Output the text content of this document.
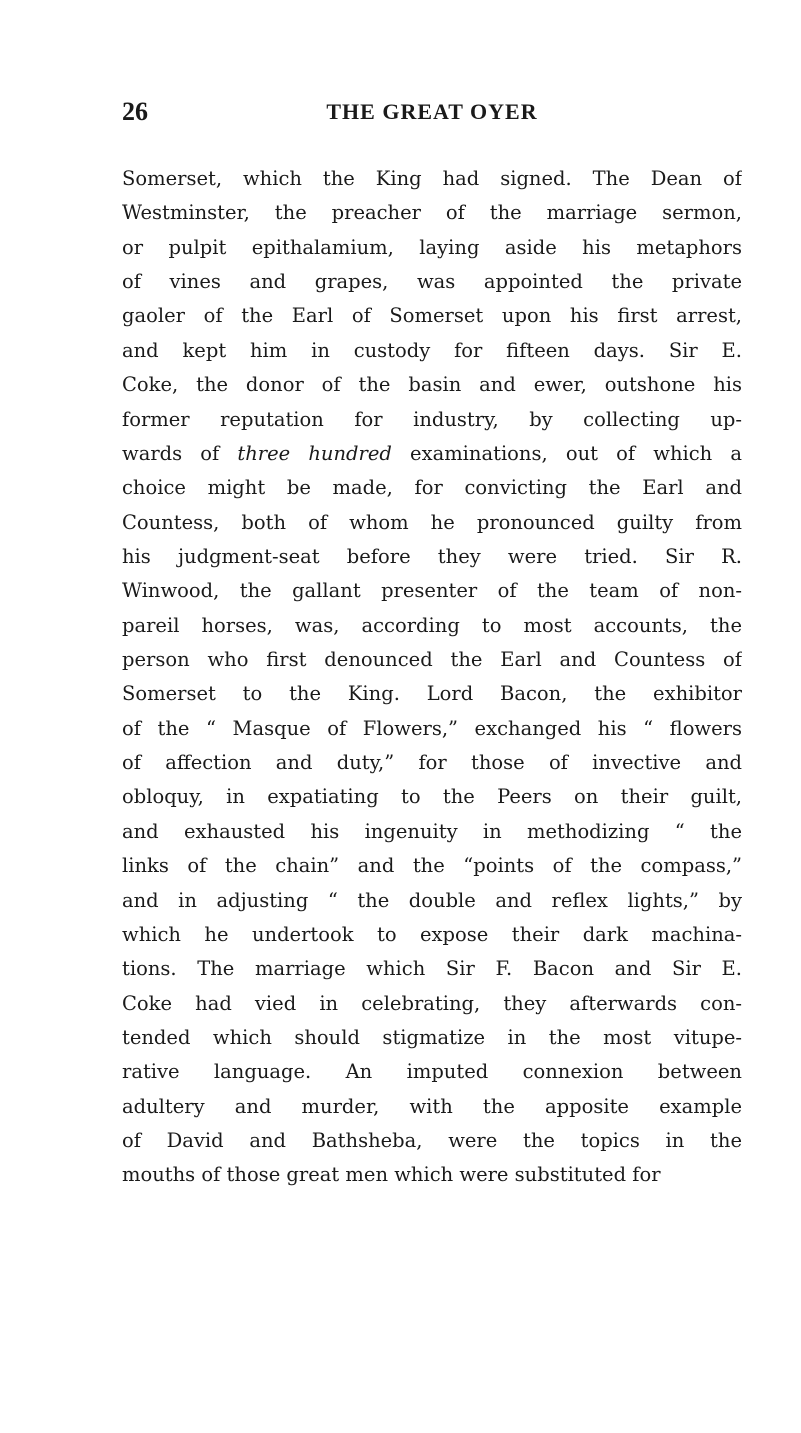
26	THE GREAT OYER
Somerset, which the King had signed. The Dean of
Westminster, the preacher of the marriage sermon,
or pulpit epithalamium, laying aside his metaphors
of vines and grapes, was appointed the private
gaoler of the Earl of Somerset upon his first arrest,
and kept him in custody for fifteen days. Sir E.
Coke, the donor of the basin and ewer, outshone his
former reputation for industry, by collecting up-
wards of three hundred examinations, out of which a
choice might be made, for convicting the Earl and
Countess, both of whom he pronounced guilty from
his judgment-seat before they were tried. Sir R.
Winwood, the gallant presenter of the team of non-
pareil horses, was, according to most accounts, the
person who first denounced the Earl and Countess of
Somerset to the King. Lord Bacon, the exhibitor
of the “ Masque of Flowers,” exchanged his “ flowers
of affection and duty,” for those of invective and
obloquy, in expatiating to the Peers on their guilt,
and exhausted his ingenuity in methodizing “ the
links of the chain” and the “points of the compass,”
and in adjusting “ the double and reflex lights,” by
which he undertook to expose their dark machina-
tions. The marriage which Sir F. Bacon and Sir E.
Coke had vied in celebrating, they afterwards con-
tended which should stigmatize in the most vitupe-
rative language. An imputed connexion between
adultery and murder, with the apposite example
of David and Bathsheba, were the topics in the
mouths of those great men which were substituted for
